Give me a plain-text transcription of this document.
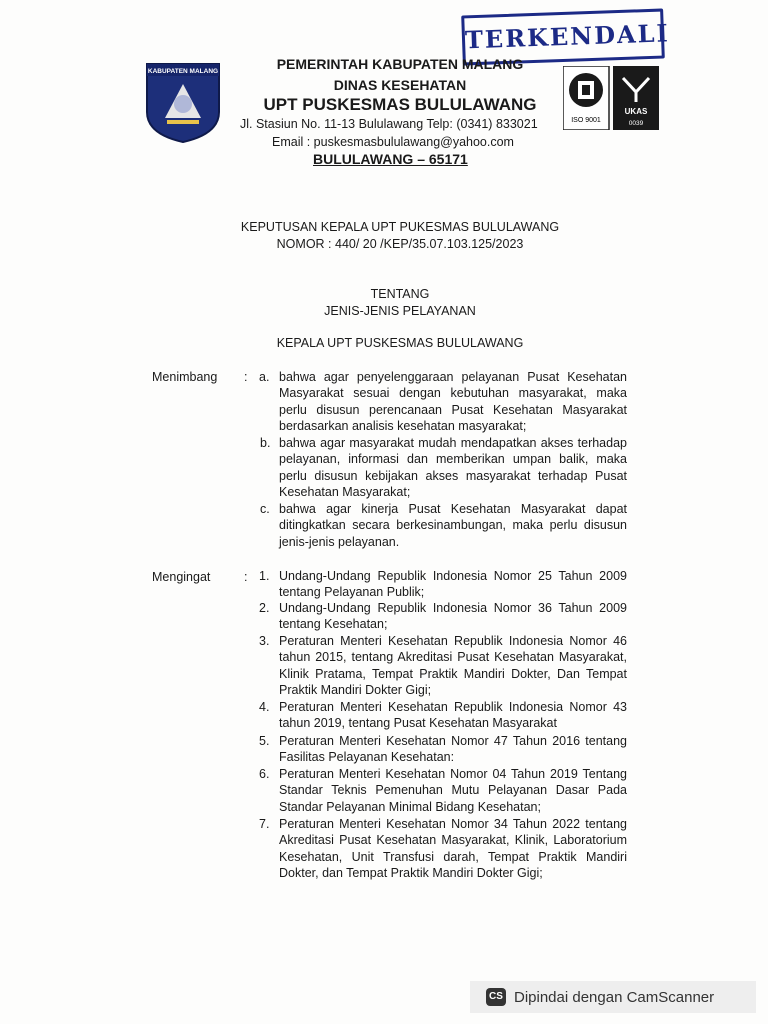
KABUPATEN MALANG
TERKENDALI
PEMERINTAH KABUPATEN MALANG
DINAS KESEHATAN
UPT PUSKESMAS BULULAWANG
Jl. Stasiun No. 11-13 Bululawang Telp: (0341) 833021
Email : puskesmasbululawang@yahoo.com
BULULAWANG – 65171
ISO 9001
UKAS
0039
KEPUTUSAN KEPALA UPT PUKESMAS BULULAWANG
NOMOR : 440/ 20 /KEP/35.07.103.125/2023
TENTANG
JENIS-JENIS PELAYANAN
KEPALA UPT PUSKESMAS BULULAWANG
Menimbang : a. bahwa agar penyelenggaraan pelayanan Pusat Kesehatan Masyarakat sesuai dengan kebutuhan masyarakat, maka perlu disusun perencanaan Pusat Kesehatan Masyarakat berdasarkan analisis kesehatan masyarakat;
b. bahwa agar masyarakat mudah mendapatkan akses terhadap pelayanan, informasi dan memberikan umpan balik, maka perlu disusun kebijakan akses masyarakat terhadap Pusat Kesehatan Masyarakat;
c. bahwa agar kinerja Pusat Kesehatan Masyarakat dapat ditingkatkan secara berkesinambungan, maka perlu disusun jenis-jenis pelayanan.
Mengingat	: 1. Undang-Undang Republik Indonesia Nomor 25 Tahun 2009 tentang Pelayanan Publik;
2. Undang-Undang Republik Indonesia Nomor 36 Tahun 2009 tentang Kesehatan;
3. Peraturan Menteri Kesehatan Republik Indonesia Nomor 46 tahun 2015, tentang Akreditasi Pusat Kesehatan Masyarakat, Klinik Pratama, Tempat Praktik Mandiri Dokter, Dan Tempat Praktik Mandiri Dokter Gigi;
4. Peraturan Menteri Kesehatan Republik Indonesia Nomor 43 tahun 2019, tentang Pusat Kesehatan Masyarakat
5. Peraturan Menteri Kesehatan Nomor 47 Tahun 2016 tentang Fasilitas Pelayanan Kesehatan:
6. Peraturan Menteri Kesehatan Nomor 04 Tahun 2019 Tentang Standar Teknis Pemenuhan Mutu Pelayanan Dasar Pada Standar Pelayanan Minimal Bidang Kesehatan;
7. Peraturan Menteri Kesehatan Nomor 34 Tahun 2022 tentang Akreditasi Pusat Kesehatan Masyarakat, Klinik, Laboratorium Kesehatan, Unit Transfusi darah, Tempat Praktik Mandiri Dokter, dan Tempat Praktik Mandiri Dokter Gigi;
CS Dipindai dengan CamScanner
